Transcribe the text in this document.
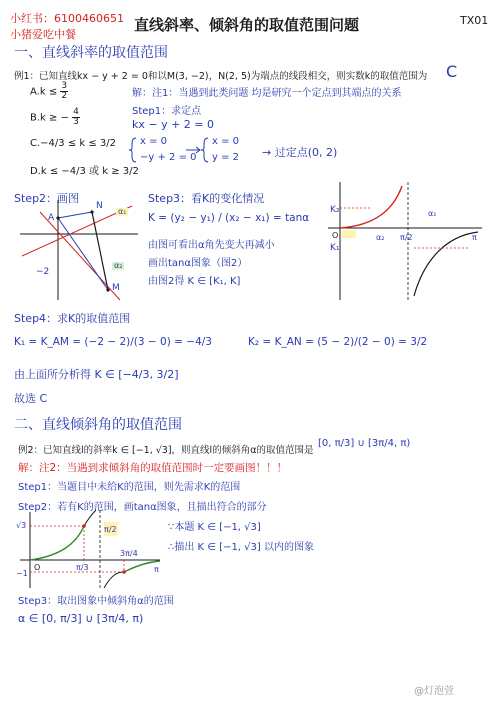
小红书：6100460651
小猪爱吃中餐
直线斜率、倾斜角的取值范围问题	TX01
一、直线斜率的取值范围
例1：已知直线kx − y + 2 = 0和以M(3, −2)，N(2, 5)为端点的线段相交，则实数k的取值范围为 C
$A.k \le \frac{3}{2}$
B.k ≥ − $\frac{4}{3}$
C.−4/3 ≤ k ≤ 3/2
D.k ≤ −4/3 或 k ≥ 3/2
解：注1：当遇到此类问题 均是研究一个定点到其端点的关系
Step1：求定点
kx − y + 2 = 0
x = 0
−y + 2 = 0
x = 0
y = 2 → 过定点(0, 2)
Step2：画图	Step3：看K的变化情况
K = (y₂ − y₁) / (x₂ − x₁) = tanα
由图可看出α角先变大再减小
画出tanα图象（图2）
由图2得 K ∈ [K₁, K]
Step4：求K的取值范围
K₁ = K_AM = (−2 − 2)/(3 − 0) = −4/3	K₂ = K_AN = (5 − 2)/(2 − 0) = 3/2
由上面所分析得 K ∈ [−4/3, 3/2]
故选 C
二、直线倾斜角的取值范围
例2：已知直线l的斜率k ∈ [−1, √3]，则直线l的倾斜角α的取值范围是
[0, π/3] ∪ [3π/4, π)
解：注2：当遇到求倾斜角的取值范围时一定要画图！！！
Step1：当题目中未给K的范围，则先需求K的范围
Step2：若有K的范围，画tanα图象，且描出符合的部分
∵本题 K ∈ [−1, √3]
∴描出 K ∈ [−1, √3] 以内的图象
Step3：取出图象中倾斜角α的范围
α ∈ [0, π/3] ∪ [3π/4, π)
@灯泡萱
N
M
A
−2
α₁
α₂
K₂
K₁
O	α₂ π/2
α₁
π
√3
−1
O	π/3
π/2
3π/4
π
